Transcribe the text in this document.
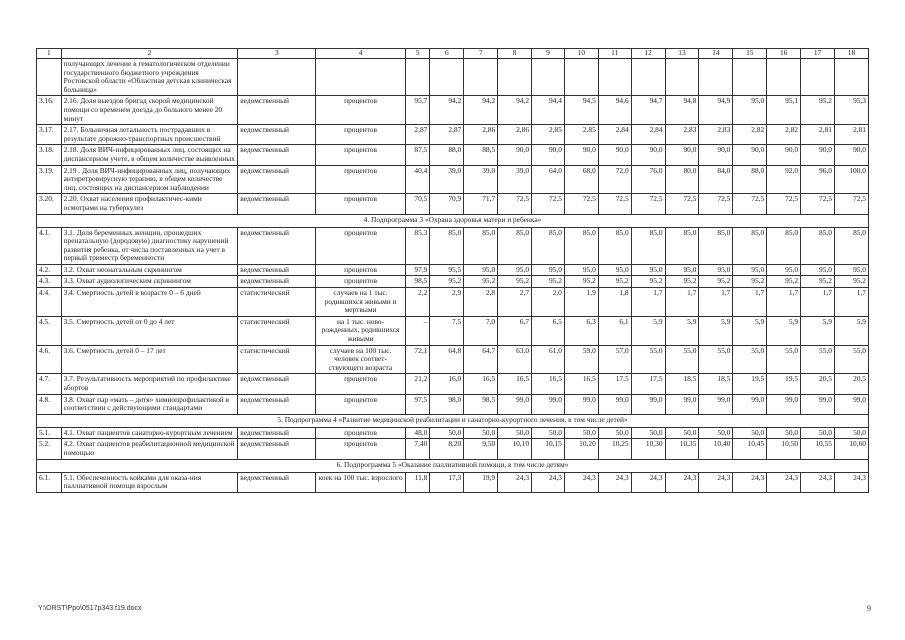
1	2	3	4	5	6	7	8	9	10	11	12	13	14	15	16	17	18
	получающих лечение в гематологическом отделении государственного бюджетного учреждения Ростовской области «Областная детская клиническая больница»																
3.16.	2.16. Доля выездов бригад скорой медицинской помощи со временем доезда до больного менее 20 минут	ведомственный	процентов	95,7	94,2	94,2	94,2	94,4	94,5	94,6	94,7	94,8	94,9	95,0	95,1	95,2	95,3
3.17.	2.17. Больничная летальность пострадавших в результате дорожно-транспортных происшествий	ведомственный	процентов	2,87	2,87	2,86	2,86	2,85	2,85	2,84	2,84	2,83	2,83	2,82	2,82	2,81	2,81
3.18.	2.18. Доля ВИЧ-инфицированных лиц, состоящих на диспансерном учете, в общем количестве выявленных	ведомственный	процентов	87,5	88,0	88,5	90,0	90,0	90,0	90,0	90,0	90,0	90,0	90,0	90,0	90,0	90,0
3.19.	2.19 . Доля ВИЧ-инфицированных лиц, получающих антиретровирусную терапию, в общем количестве лиц, состоящих на диспансерном наблюдении	ведомственный	процентов	40,4	39,0	39,0	39,0	64,0	68,0	72,0	76,0	80,0	84,0	88,0	92,0	96,0	100,0
3.20.	2.20. Охват населения профилактичес-кими осмотрами на туберкулез	ведомственный	процентов	70,5	70,9	71,7	72,5	72,5	72,5	72,5	72,5	72,5	72,5	72,5	72,5	72,5	72,5
4. Подпрограмма 3 «Охрана здоровья матери и ребенка»																	
4.1.	3.1. Доля беременных женщин, прошедших пренатальную (дородовую) диагностику нарушений развития ребенка, от числа поставленных на учет в первый триместр беременности	ведомственный	процентов	85,3	85,0	85,0	85,0	85,0	85,0	85,0	85,0	85,0	85,0	85,0	85,0	85,0	85,0
4.2.	3.2. Охват неонатальным скринингом	ведомственный	процентов	97,9	95,5	95,0	95,0	95,0	95,0	95,0	95,0	95,0	95,0	95,0	95,0	95,0	95,0
4.3.	3.3. Охват аудиологическим скринингом	ведомственный	процентов	98,5	95,2	95,2	95,2	95,2	95,2	95,2	95,2	95,2	95,2	95,2	95,2	95,2	95,2
4.4.	3.4. Смертность детей в возрасте 0 – 6 дней	статистический	случаев на 1 тыс. родившихся живыми и мертвыми	2,2	2,9	2,8	2,7	2,0	1,9	1,8	1,7	1,7	1,7	1,7	1,7	1,7	1,7
4.5.	3.5. Смертность детей от 0 до 4 лет	статистический	на 1 тыс. ново-рожденных, родившихся живыми	–	7,5	7,0	6,7	6,5	6,3	6,1	5,9	5,9	5,9	5,9	5,9	5,9	5,9
4.6.	3.6. Смертность детей 0 – 17 лет	статистический	случаев на 100 тыс. человек соответ-ствующего возраста	72,1	64,8	64,7	63,0	61,0	59,0	57,0	55,0	55,0	55,0	55,0	55,0	55,0	55,0
4.7.	3.7. Результативность мероприятий по профилактике абортов	ведомственный	процентов	21,2	16,0	16,5	16,5	16,5	16,5	17,5	17,5	18,5	18,5	19,5	19,5	20,5	20,5
4.8.	3.8. Охват пар «мать – дитя» химиопрофилактикой в соответствии с действующими стандартами	ведомственный	процентов	97,5	98,0	98,5	99,0	99,0	99,0	99,0	99,0	99,0	99,0	99,0	99,0	99,0	99,0
5. Подпрограмма 4 «Развитие медицинской реабилитации и санаторно-курортного лечения, в том числе детей»																	
5.1.	4.1. Охват пациентов санаторно-курортным лечением	ведомственный	процентов	48,0	50,0	50,0	50,0	50,0	50,0	50,0	50,0	50,0	50,0	50,0	50,0	50,0	50,0
5.2.	4.2. Охват пациентов реабилитационной медицинской помощью	ведомственный	процентов	7,40	8,20	9,50	10,10	10,15	10,20	10,25	10,30	10,35	10,40	10,45	10,50	10,55	10,60
6. Подпрограмма 5 «Оказание паллиативной помощи, в том числе детям»																	
6.1.	5.1. Обеспеченность койками для оказа-ния паллиативной помощи взрослым	ведомственный	коек на 100 тыс. взрослого	11,8	17,3	19,9	24,3	24,3	24,3	24,3	24,3	24,3	24,3	24,3	24,3	24,3	24,3
Y:\ORST\Ppo\0517p343.f19.docx	9
